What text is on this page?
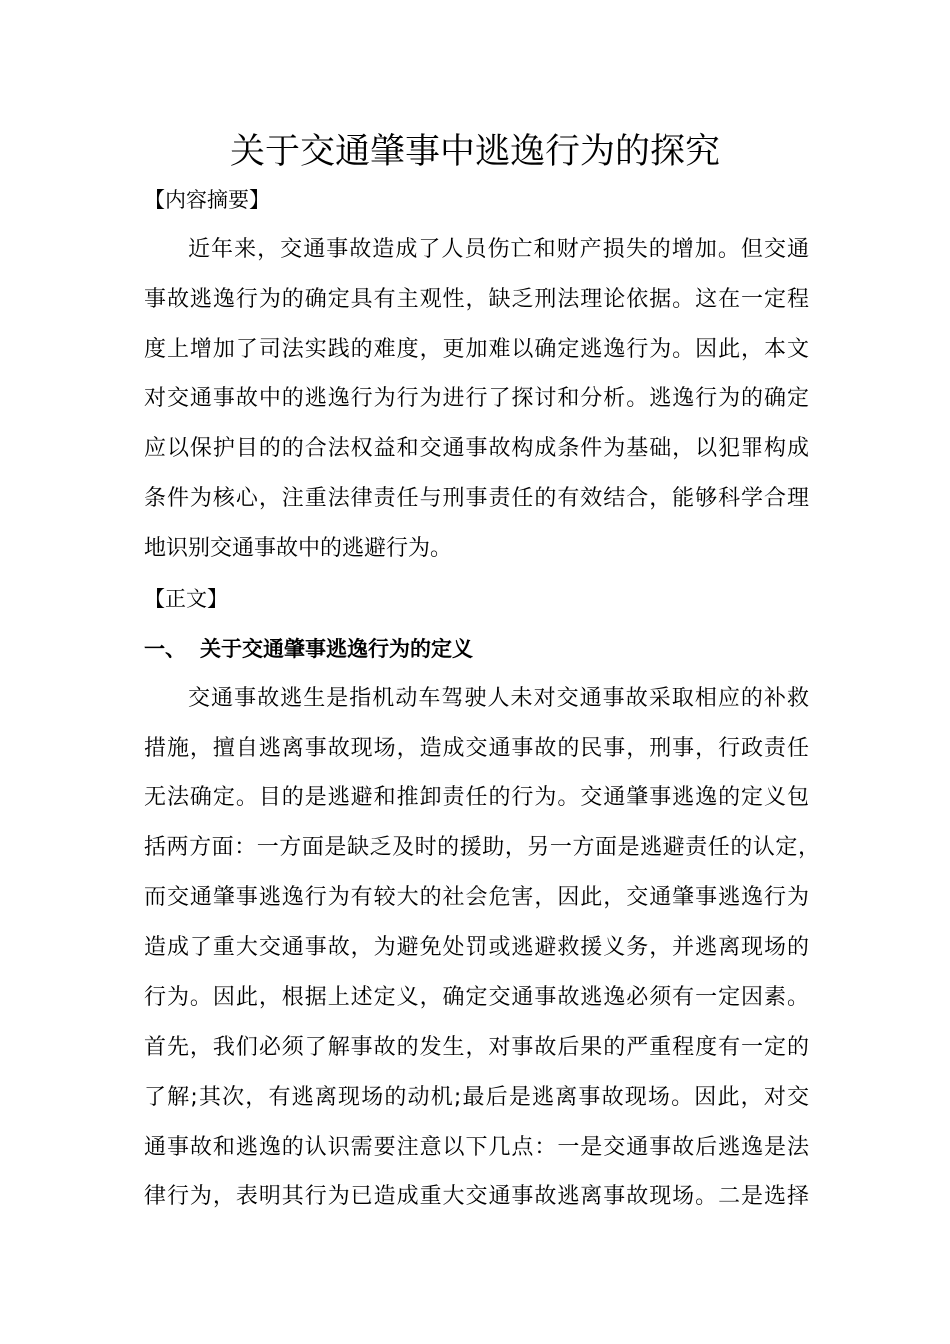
关于交通肇事中逃逸行为的探究
【内容摘要】
近年来，交通事故造成了人员伤亡和财产损失的增加。但交通
事故逃逸行为的确定具有主观性，缺乏刑法理论依据。这在一定程
度上增加了司法实践的难度，更加难以确定逃逸行为。因此，本文
对交通事故中的逃逸行为行为进行了探讨和分析。逃逸行为的确定
应以保护目的的合法权益和交通事故构成条件为基础，以犯罪构成
条件为核心，注重法律责任与刑事责任的有效结合，能够科学合理
地识别交通事故中的逃避行为。
【正文】
一、 关于交通肇事逃逸行为的定义
交通事故逃生是指机动车驾驶人未对交通事故采取相应的补救
措施，擅自逃离事故现场，造成交通事故的民事，刑事，行政责任
无法确定。目的是逃避和推卸责任的行为。交通肇事逃逸的定义包
括两方面：一方面是缺乏及时的援助，另一方面是逃避责任的认定，
而交通肇事逃逸行为有较大的社会危害，因此，交通肇事逃逸行为
造成了重大交通事故，为避免处罚或逃避救援义务，并逃离现场的
行为。因此，根据上述定义，确定交通事故逃逸必须有一定因素。
首先，我们必须了解事故的发生，对事故后果的严重程度有一定的
了解;其次，有逃离现场的动机;最后是逃离事故现场。因此，对交
通事故和逃逸的认识需要注意以下几点：一是交通事故后逃逸是法
律行为，表明其行为已造成重大交通事故逃离事故现场。二是选择
